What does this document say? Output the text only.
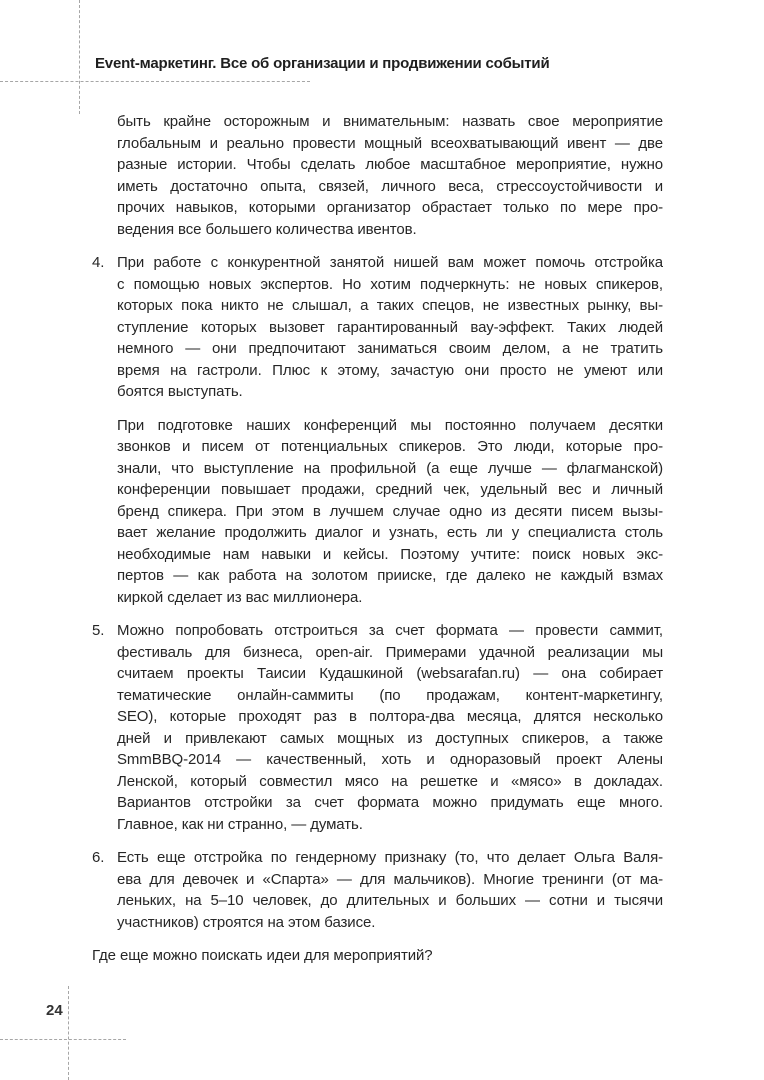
Event-маркетинг. Все об организации и продвижении событий
быть крайне осторожным и внимательным: назвать свое мероприятие
глобальным и реально провести мощный всеохватывающий ивент — две
разные истории. Чтобы сделать любое масштабное мероприятие, нужно
иметь достаточно опыта, связей, личного веса, стрессоустойчивости и
прочих навыков, которыми организатор обрастает только по мере про-
ведения все большего количества ивентов.
4. При работе с конкурентной занятой нишей вам может помочь отстройка
с помощью новых экспертов. Но хотим подчеркнуть: не новых спикеров,
которых пока никто не слышал, а таких спецов, не известных рынку, вы-
ступление которых вызовет гарантированный вау-эффект. Таких людей
немного — они предпочитают заниматься своим делом, а не тратить
время на гастроли. Плюс к этому, зачастую они просто не умеют или
боятся выступать.
При подготовке наших конференций мы постоянно получаем десятки
звонков и писем от потенциальных спикеров. Это люди, которые про-
знали, что выступление на профильной (а еще лучше — флагманской)
конференции повышает продажи, средний чек, удельный вес и личный
бренд спикера. При этом в лучшем случае одно из десяти писем вызы-
вает желание продолжить диалог и узнать, есть ли у специалиста столь
необходимые нам навыки и кейсы. Поэтому учтите: поиск новых экс-
пертов — как работа на золотом прииске, где далеко не каждый взмах
киркой сделает из вас миллионера.
5. Можно попробовать отстроиться за счет формата — провести саммит,
фестиваль для бизнеса, open-air. Примерами удачной реализации мы
считаем проекты Таисии Кудашкиной (websarafan.ru) — она собирает
тематические онлайн-саммиты (по продажам, контент-маркетингу,
SEO), которые проходят раз в полтора-два месяца, длятся несколько
дней и привлекают самых мощных из доступных спикеров, а также
SmmBBQ-2014 — качественный, хоть и одноразовый проект Алены
Ленской, который совместил мясо на решетке и «мясо» в докладах.
Вариантов отстройки за счет формата можно придумать еще много.
Главное, как ни странно, — думать.
6. Есть еще отстройка по гендерному признаку (то, что делает Ольга Валя-
ева для девочек и «Спарта» — для мальчиков). Многие тренинги (от ма-
леньких, на 5–10 человек, до длительных и больших — сотни и тысячи
участников) строятся на этом базисе.
Где еще можно поискать идеи для мероприятий?
24
